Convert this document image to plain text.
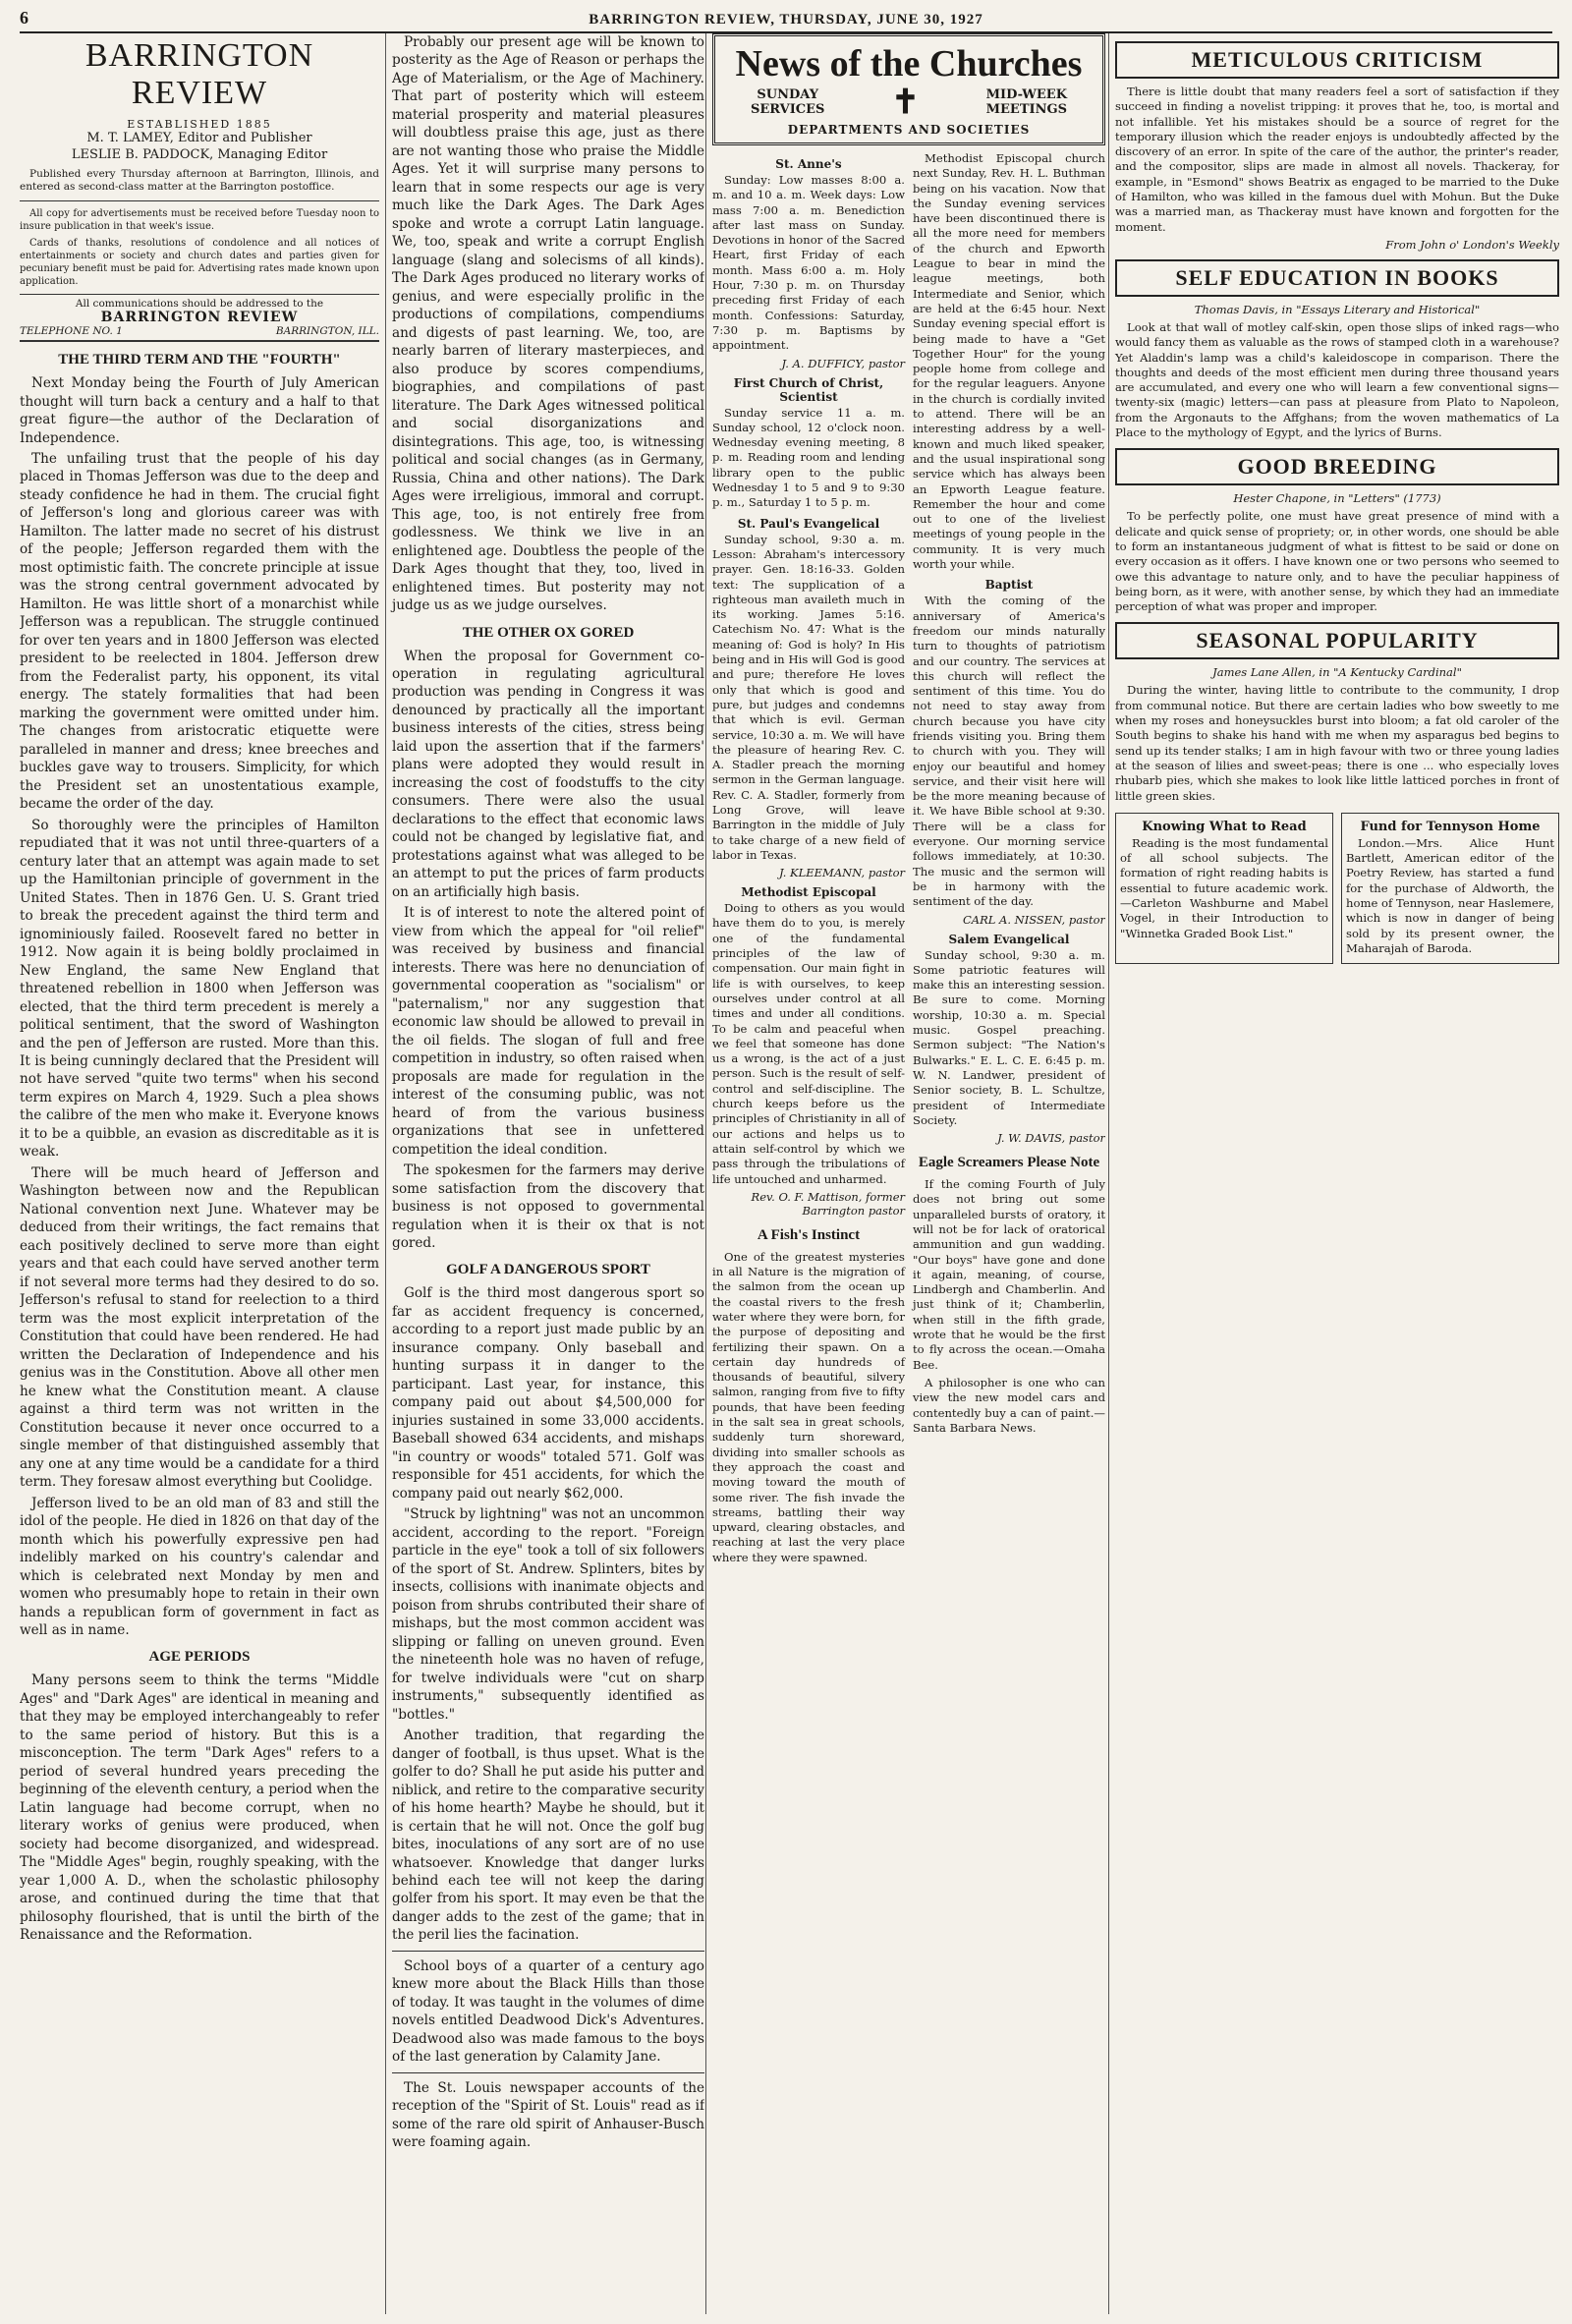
6	BARRINGTON REVIEW, THURSDAY, JUNE 30, 1927
BARRINGTON REVIEW
ESTABLISHED 1885
M. T. LAMEY, Editor and Publisher
LESLIE B. PADDOCK, Managing Editor
Published every Thursday afternoon at Barrington, Illinois, and entered as second-class matter at the Barrington postoffice.
All copy for advertisements must be received before Tuesday noon to insure publication in that week's issue.
Cards of thanks, resolutions of condolence and all notices of entertainments or society and church dates and parties given for pecuniary benefit must be paid for. Advertising rates made known upon application.
All communications should be addressed to the
BARRINGTON REVIEW
TELEPHONE NO. 1	BARRINGTON, ILL.
THE THIRD TERM AND THE "FOURTH"

Next Monday being the Fourth of July American thought will turn back a century and a half to that great figure—the author of the Declaration of Independence.

The unfailing trust that the people of his day placed in Thomas Jefferson was due to the deep and steady confidence he had in them. The crucial fight of Jefferson's long and glorious career was with Hamilton. The latter made no secret of his distrust of the people; Jefferson regarded them with the most optimistic faith. The concrete principle at issue was the strong central government advocated by Hamilton. He was little short of a monarchist while Jefferson was a republican. The struggle continued for over ten years and in 1800 Jefferson was elected president to be reelected in 1804. Jefferson drew from the Federalist party, his opponent, its vital energy. The stately formalities that had been marking the government were omitted under him. The changes from aristocratic etiquette were paralleled in manner and dress; knee breeches and buckles gave way to trousers. Simplicity, for which the President set an unostentatious example, became the order of the day.

So thoroughly were the principles of Hamilton repudiated that it was not until three-quarters of a century later that an attempt was again made to set up the Hamiltonian principle of government in the United States. Then in 1876 Gen. U. S. Grant tried to break the precedent against the third term and ignominiously failed. Roosevelt fared no better in 1912. Now again it is being boldly proclaimed in New England, the same New England that threatened rebellion in 1800 when Jefferson was elected, that the third term precedent is merely a political sentiment, that the sword of Washington and the pen of Jefferson are rusted. More than this. It is being cunningly declared that the President will not have served "quite two terms" when his second term expires on March 4, 1929. Such a plea shows the calibre of the men who make it. Everyone knows it to be a quibble, an evasion as discreditable as it is weak.

There will be much heard of Jefferson and Washington between now and the Republican National convention next June. Whatever may be deduced from their writings, the fact remains that each positively declined to serve more than eight years and that each could have served another term if not several more terms had they desired to do so. Jefferson's refusal to stand for reelection to a third term was the most explicit interpretation of the Constitution that could have been rendered. He had written the Declaration of Independence and his genius was in the Constitution. Above all other men he knew what the Constitution meant. A clause against a third term was not written in the Constitution because it never once occurred to a single member of that distinguished assembly that any one at any time would be a candidate for a third term. They foresaw almost everything but Coolidge.

Jefferson lived to be an old man of 83 and still the idol of the people. He died in 1826 on that day of the month which his powerfully expressive pen had indelibly marked on his country's calendar and which is celebrated next Monday by men and women who presumably hope to retain in their own hands a republican form of government in fact as well as in name.

AGE PERIODS

Many persons seem to think the terms "Middle Ages" and "Dark Ages" are identical in meaning and that they may be employed interchangeably to refer to the same period of history. But this is a misconception. The term "Dark Ages" refers to a period of several hundred years preceding the beginning of the eleventh century, a period when the Latin language had become corrupt, when no literary works of genius were produced, when society had become disorganized, and widespread. The "Middle Ages" begin, roughly speaking, with the year 1,000 A. D., when the scholastic philosophy arose, and continued during the time that that philosophy flourished, that is until the birth of the Renaissance and the Reformation.

Probably our present age will be known to posterity as the Age of Reason or perhaps the Age of Materialism, or the Age of Machinery. That part of posterity which will esteem material prosperity and material pleasures will doubtless praise this age, just as there are not wanting those who praise the Middle Ages. Yet it will surprise many persons to learn that in some respects our age is very much like the Dark Ages. The Dark Ages spoke and wrote a corrupt Latin language. We, too, speak and write a corrupt English language (slang and solecisms of all kinds). The Dark Ages produced no literary works of genius, and were especially prolific in the productions of compilations, compendiums and digests of past learning. We, too, are nearly barren of literary masterpieces, and also produce by scores compendiums, biographies, and compilations of past literature. The Dark Ages witnessed political and social disorganizations and disintegrations. This age, too, is witnessing political and social changes (as in Germany, Russia, China and other nations). The Dark Ages were irreligious, immoral and corrupt. This age, too, is not entirely free from godlessness. We think we live in an enlightened age. Doubtless the people of the Dark Ages thought that they, too, lived in enlightened times. But posterity may not judge us as we judge ourselves.

THE OTHER OX GORED

When the proposal for Government co-operation in regulating agricultural production was pending in Congress it was denounced by practically all the important business interests of the cities, stress being laid upon the assertion that if the farmers' plans were adopted they would result in increasing the cost of foodstuffs to the city consumers. There were also the usual declarations to the effect that economic laws could not be changed by legislative fiat, and protestations against what was alleged to be an attempt to put the prices of farm products on an artificially high basis.

It is of interest to note the altered point of view from which the appeal for "oil relief" was received by business and financial interests. There was here no denunciation of governmental cooperation as "socialism" or "paternalism," nor any suggestion that economic law should be allowed to prevail in the oil fields. The slogan of full and free competition in industry, so often raised when proposals are made for regulation in the interest of the consuming public, was not heard of from the various business organizations that see in unfettered competition the ideal condition.

The spokesmen for the farmers may derive some satisfaction from the discovery that business is not opposed to governmental regulation when it is their ox that is not gored.

GOLF A DANGEROUS SPORT

Golf is the third most dangerous sport so far as accident frequency is concerned, according to a report just made public by an insurance company. Only baseball and hunting surpass it in danger to the participant. Last year, for instance, this company paid out about $4,500,000 for injuries sustained in some 33,000 accidents. Baseball showed 634 accidents, and mishaps "in country or woods" totaled 571. Golf was responsible for 451 accidents, for which the company paid out nearly $62,000.

"Struck by lightning" was not an uncommon accident, according to the report. "Foreign particle in the eye" took a toll of six followers of the sport of St. Andrew. Splinters, bites by insects, collisions with inanimate objects and poison from shrubs contributed their share of mishaps, but the most common accident was slipping or falling on uneven ground. Even the nineteenth hole was no haven of refuge, for twelve individuals were "cut on sharp instruments," subsequently identified as "bottles."

Another tradition, that regarding the danger of football, is thus upset. What is the golfer to do? Shall he put aside his putter and niblick, and retire to the comparative security of his home hearth? Maybe he should, but it is certain that he will not. Once the golf bug bites, inoculations of any sort are of no use whatsoever. Knowledge that danger lurks behind each tee will not keep the daring golfer from his sport. It may even be that the danger adds to the zest of the game; that in the peril lies the facination.

School boys of a quarter of a century ago knew more about the Black Hills than those of today. It was taught in the volumes of dime novels entitled Deadwood Dick's Adventures. Deadwood also was made famous to the boys of the last generation by Calamity Jane.

The St. Louis newspaper accounts of the reception of the "Spirit of St. Louis" read as if some of the rare old spirit of Anhauser-Busch were foaming again.

News of the Churches
SUNDAY
SERVICES ✝	MID-WEEK
MEETINGS
DEPARTMENTS AND SOCIETIES
St. Anne's

Sunday: Low masses 8:00 a. m. and 10 a. m. Week days: Low mass 7:00 a. m. Benediction after last mass on Sunday. Devotions in honor of the Sacred Heart, first Friday of each month. Mass 6:00 a. m. Holy Hour, 7:30 p. m. on Thursday preceding first Friday of each month. Confessions: Saturday, 7:30 p. m. Baptisms by appointment.

J. A. DUFFICY, pastor
First Church of Christ, Scientist

Sunday service 11 a. m. Sunday school, 12 o'clock noon. Wednesday evening meeting, 8 p. m. Reading room and lending library open to the public Wednesday 1 to 5 and 9 to 9:30 p. m., Saturday 1 to 5 p. m.

St. Paul's Evangelical

Sunday school, 9:30 a. m. Lesson: Abraham's intercessory prayer. Gen. 18:16-33. Golden text: The supplication of a righteous man availeth much in its working. James 5:16. Catechism No. 47: What is the meaning of: God is holy? In His being and in His will God is good and pure; therefore He loves only that which is good and pure, but judges and condemns that which is evil. German service, 10:30 a. m. We will have the pleasure of hearing Rev. C. A. Stadler preach the morning sermon in the German language. Rev. C. A. Stadler, formerly from Long Grove, will leave Barrington in the middle of July to take charge of a new field of labor in Texas.

J. KLEEMANN, pastor
Methodist Episcopal

Doing to others as you would have them do to you, is merely one of the fundamental principles of the law of compensation. Our main fight in life is with ourselves, to keep ourselves under control at all times and under all conditions. To be calm and peaceful when we feel that someone has done us a wrong, is the act of a just person. Such is the result of self-control and self-discipline. The church keeps before us the principles of Christianity in all of our actions and helps us to attain self-control by which we pass through the tribulations of life untouched and unharmed.

Rev. O. F. Mattison, former Barrington pastor
A Fish's Instinct

One of the greatest mysteries in all Nature is the migration of the salmon from the ocean up the coastal rivers to the fresh water where they were born, for the purpose of depositing and fertilizing their spawn. On a certain day hundreds of thousands of beautiful, silvery salmon, ranging from five to fifty pounds, that have been feeding in the salt sea in great schools, suddenly turn shoreward, dividing into smaller schools as they approach the coast and moving toward the mouth of some river. The fish invade the streams, battling their way upward, clearing obstacles, and reaching at last the very place where they were spawned.

Methodist Episcopal church next Sunday, Rev. H. L. Buthman being on his vacation. Now that the Sunday evening services have been discontinued there is all the more need for members of the church and Epworth League to bear in mind the league meetings, both Intermediate and Senior, which are held at the 6:45 hour. Next Sunday evening special effort is being made to have a "Get Together Hour" for the young people home from college and for the regular leaguers. Anyone in the church is cordially invited to attend. There will be an interesting address by a well-known and much liked speaker, and the usual inspirational song service which has always been an Epworth League feature. Remember the hour and come out to one of the liveliest meetings of young people in the community. It is very much worth your while.

Baptist

With the coming of the anniversary of America's freedom our minds naturally turn to thoughts of patriotism and our country. The services at this church will reflect the sentiment of this time. You do not need to stay away from church because you have city friends visiting you. Bring them to church with you. They will enjoy our beautiful and homey service, and their visit here will be the more meaning because of it. We have Bible school at 9:30. There will be a class for everyone. Our morning service follows immediately, at 10:30. The music and the sermon will be in harmony with the sentiment of the day.

CARL A. NISSEN, pastor
Salem Evangelical

Sunday school, 9:30 a. m. Some patriotic features will make this an interesting session. Be sure to come. Morning worship, 10:30 a. m. Special music. Gospel preaching. Sermon subject: "The Nation's Bulwarks." E. L. C. E. 6:45 p. m. W. N. Landwer, president of Senior society, B. L. Schultze, president of Intermediate Society.

J. W. DAVIS, pastor
Eagle Screamers Please Note

If the coming Fourth of July does not bring out some unparalleled bursts of oratory, it will not be for lack of oratorical ammunition and gun wadding. "Our boys" have gone and done it again, meaning, of course, Lindbergh and Chamberlin. And just think of it; Chamberlin, when still in the fifth grade, wrote that he would be the first to fly across the ocean.—Omaha Bee.

A philosopher is one who can view the new model cars and contentedly buy a can of paint.—Santa Barbara News.

METICULOUS CRITICISM

There is little doubt that many readers feel a sort of satisfaction if they succeed in finding a novelist tripping: it proves that he, too, is mortal and not infallible. Yet his mistakes should be a source of regret for the temporary illusion which the reader enjoys is undoubtedly affected by the discovery of an error. In spite of the care of the author, the printer's reader, and the compositor, slips are made in almost all novels. Thackeray, for example, in "Esmond" shows Beatrix as engaged to be married to the Duke of Hamilton, who was killed in the famous duel with Mohun. But the Duke was a married man, as Thackeray must have known and forgotten for the moment.

From John o' London's Weekly
SELF EDUCATION IN BOOKS
Thomas Davis, in "Essays Literary and Historical"

Look at that wall of motley calf-skin, open those slips of inked rags—who would fancy them as valuable as the rows of stamped cloth in a warehouse? Yet Aladdin's lamp was a child's kaleidoscope in comparison. There the thoughts and deeds of the most efficient men during three thousand years are accumulated, and every one who will learn a few conventional signs—twenty-six (magic) letters—can pass at pleasure from Plato to Napoleon, from the Argonauts to the Affghans; from the woven mathematics of La Place to the mythology of Egypt, and the lyrics of Burns.

GOOD BREEDING
Hester Chapone, in "Letters" (1773)

To be perfectly polite, one must have great presence of mind with a delicate and quick sense of propriety; or, in other words, one should be able to form an instantaneous judgment of what is fittest to be said or done on every occasion as it offers. I have known one or two persons who seemed to owe this advantage to nature only, and to have the peculiar happiness of being born, as it were, with another sense, by which they had an immediate perception of what was proper and improper.

SEASONAL POPULARITY
James Lane Allen, in "A Kentucky Cardinal"

During the winter, having little to contribute to the community, I drop from communal notice. But there are certain ladies who bow sweetly to me when my roses and honeysuckles burst into bloom; a fat old caroler of the South begins to shake his hand with me when my asparagus bed begins to send up its tender stalks; I am in high favour with two or three young ladies at the season of lilies and sweet-peas; there is one ... who especially loves rhubarb pies, which she makes to look like little latticed porches in front of little green skies.

Knowing What to Read

Reading is the most fundamental of all school subjects. The formation of right reading habits is essential to future academic work.—Carleton Washburne and Mabel Vogel, in their Introduction to "Winnetka Graded Book List."

Fund for Tennyson Home

London.—Mrs. Alice Hunt Bartlett, American editor of the Poetry Review, has started a fund for the purchase of Aldworth, the home of Tennyson, near Haslemere, which is now in danger of being sold by its present owner, the Maharajah of Baroda.
